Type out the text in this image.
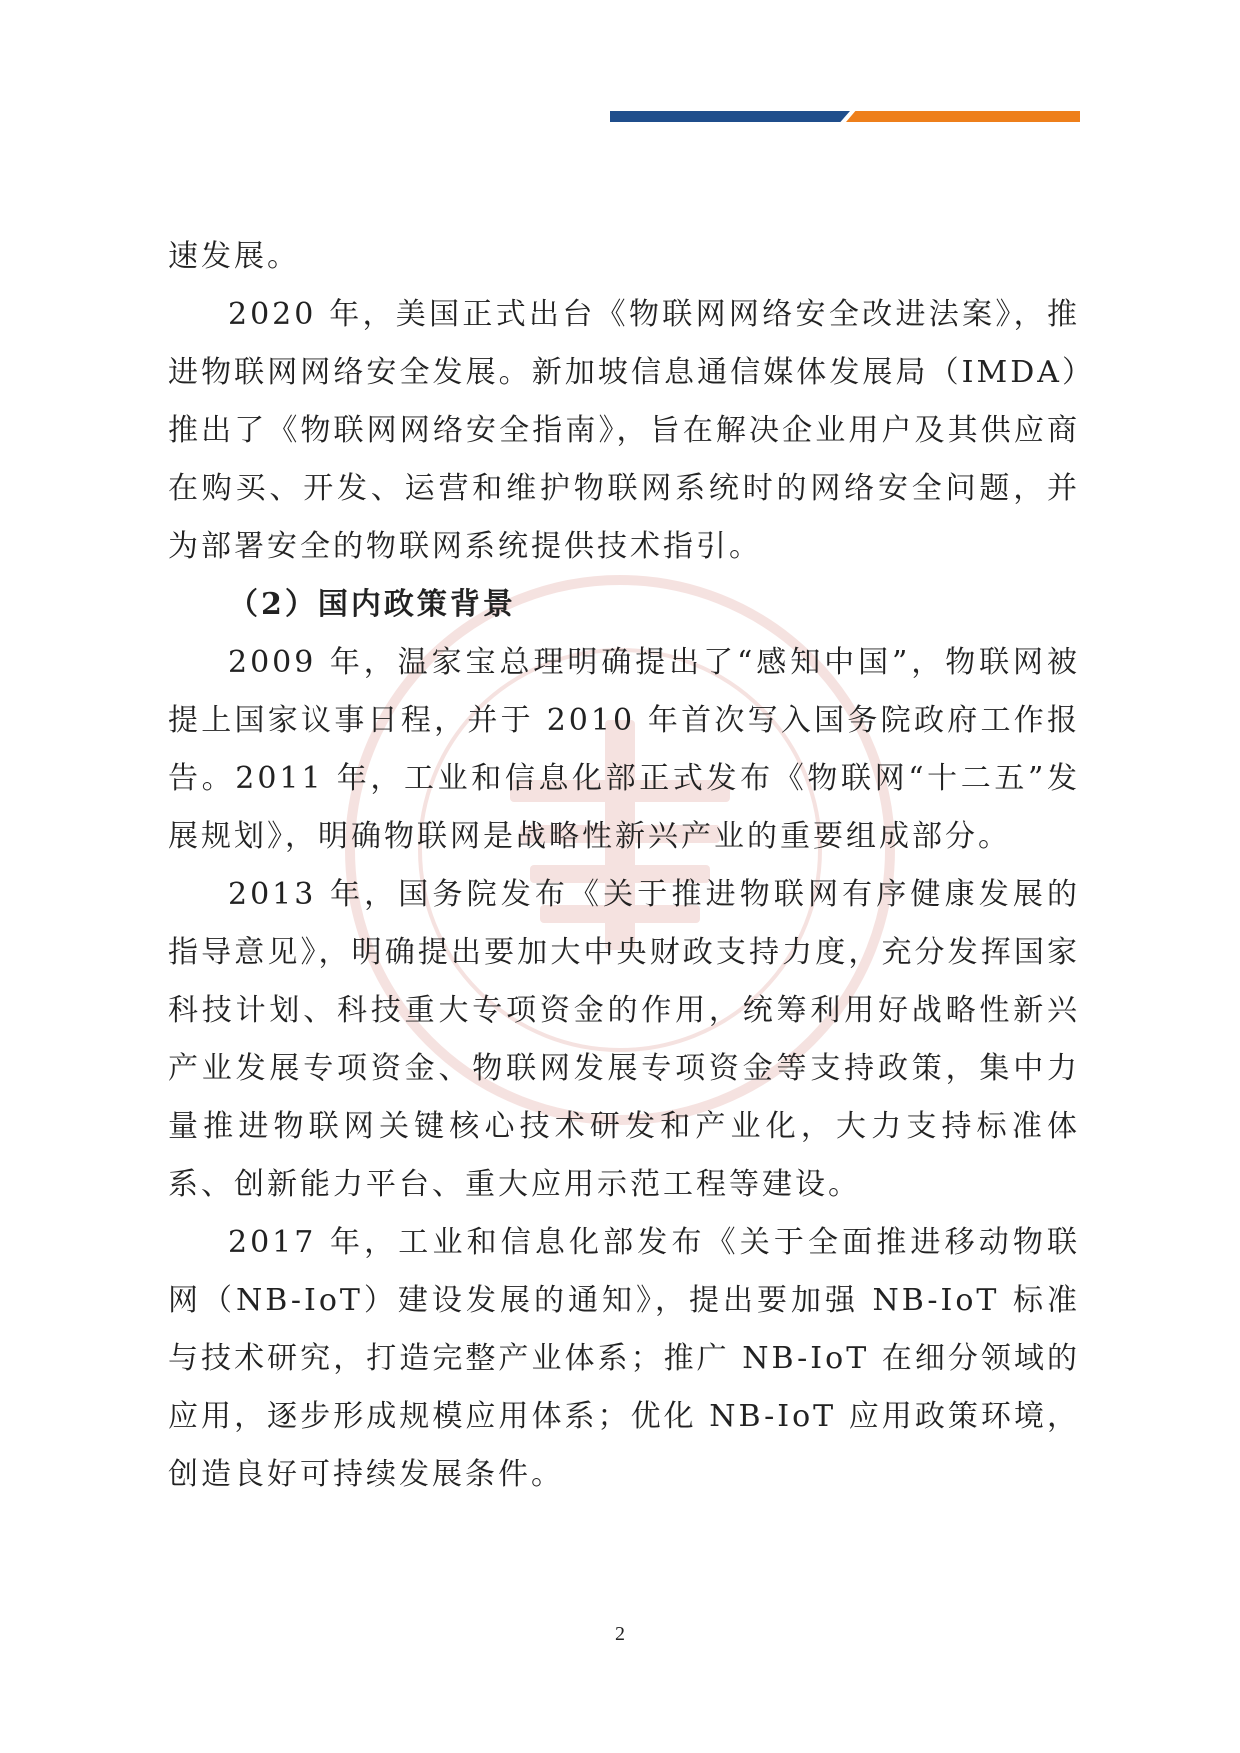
速发展。

2020 年，美国正式出台《物联网网络安全改进法案》，推进物联网网络安全发展。新加坡信息通信媒体发展局（IMDA）推出了《物联网网络安全指南》，旨在解决企业用户及其供应商在购买、开发、运营和维护物联网系统时的网络安全问题，并为部署安全的物联网系统提供技术指引。

（2）国内政策背景

2009 年，温家宝总理明确提出了“感知中国”，物联网被提上国家议事日程，并于 2010 年首次写入国务院政府工作报告。2011 年，工业和信息化部正式发布《物联网“十二五”发展规划》，明确物联网是战略性新兴产业的重要组成部分。

2013 年，国务院发布《关于推进物联网有序健康发展的指导意见》，明确提出要加大中央财政支持力度，充分发挥国家科技计划、科技重大专项资金的作用，统筹利用好战略性新兴产业发展专项资金、物联网发展专项资金等支持政策，集中力量推进物联网关键核心技术研发和产业化，大力支持标准体系、创新能力平台、重大应用示范工程等建设。

2017 年，工业和信息化部发布《关于全面推进移动物联网（NB-IoT）建设发展的通知》，提出要加强 NB-IoT 标准与技术研究，打造完整产业体系；推广 NB-IoT 在细分领域的应用，逐步形成规模应用体系；优化 NB-IoT 应用政策环境，创造良好可持续发展条件。

2
